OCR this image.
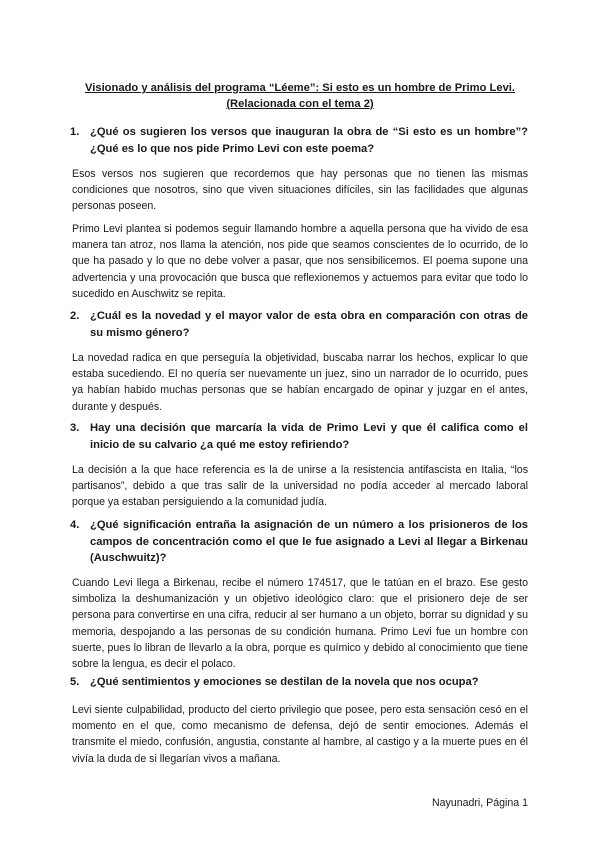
Visionado y análisis del programa “Léeme”: Si esto es un hombre de Primo Levi.
(Relacionada con el tema 2)
1. ¿Qué os sugieren los versos que inauguran la obra de “Si esto es un hombre”? ¿Qué es lo que nos pide Primo Levi con este poema?

Esos versos nos sugieren que recordemos que hay personas que no tienen las mismas condiciones que nosotros, sino que viven situaciones difíciles, sin las facilidades que algunas personas poseen.

Primo Levi plantea si podemos seguir llamando hombre a aquella persona que ha vivido de esa manera tan atroz, nos llama la atención, nos pide que seamos conscientes de lo ocurrido, de lo que ha pasado y lo que no debe volver a pasar, que nos sensibilicemos. El poema supone una advertencia y una provocación que busca que reflexionemos y actuemos para evitar que todo lo sucedido en Auschwitz se repita.

2. ¿Cuál es la novedad y el mayor valor de esta obra en comparación con otras de su mismo género?

La novedad radica en que perseguía la objetividad, buscaba narrar los hechos, explicar lo que estaba sucediendo. El no quería ser nuevamente un juez, sino un narrador de lo ocurrido, pues ya habían habido muchas personas que se habían encargado de opinar y juzgar en el antes, durante y después.

3. Hay una decisión que marcaría la vida de Primo Levi y que él califica como el inicio de su calvario ¿a qué me estoy refiriendo?

La decisión a la que hace referencia es la de unirse a la resistencia antifascista en Italia, “los partisanos”, debido a que tras salir de la universidad no podía acceder al mercado laboral porque ya estaban persiguiendo a la comunidad judía.

4. ¿Qué significación entraña la asignación de un número a los prisioneros de los campos de concentración como el que le fue asignado a Levi al llegar a Birkenau (Auschwuitz)?

Cuando Levi llega a Birkenau, recibe el número 174517, que le tatúan en el brazo. Ese gesto simboliza la deshumanización y un objetivo ideológico claro: que el prisionero deje de ser persona para convertirse en una cifra, reducir al ser humano a un objeto, borrar su dignidad y su memoria, despojando a las personas de su condición humana. Primo Levi fue un hombre con suerte, pues lo libran de llevarlo a la obra, porque es químico y debido al conocimiento que tiene sobre la lengua, es decir el polaco.

5. ¿Qué sentimientos y emociones se destilan de la novela que nos ocupa?

Levi siente culpabilidad, producto del cierto privilegio que posee, pero esta sensación cesó en el momento en el que, como mecanismo de defensa, dejó de sentir emociones. Además el transmite el miedo, confusión, angustia, constante al hambre, al castigo y a la muerte pues en él vivía la duda de si llegarían vivos a mañana.

Nayunadri, Página 1
